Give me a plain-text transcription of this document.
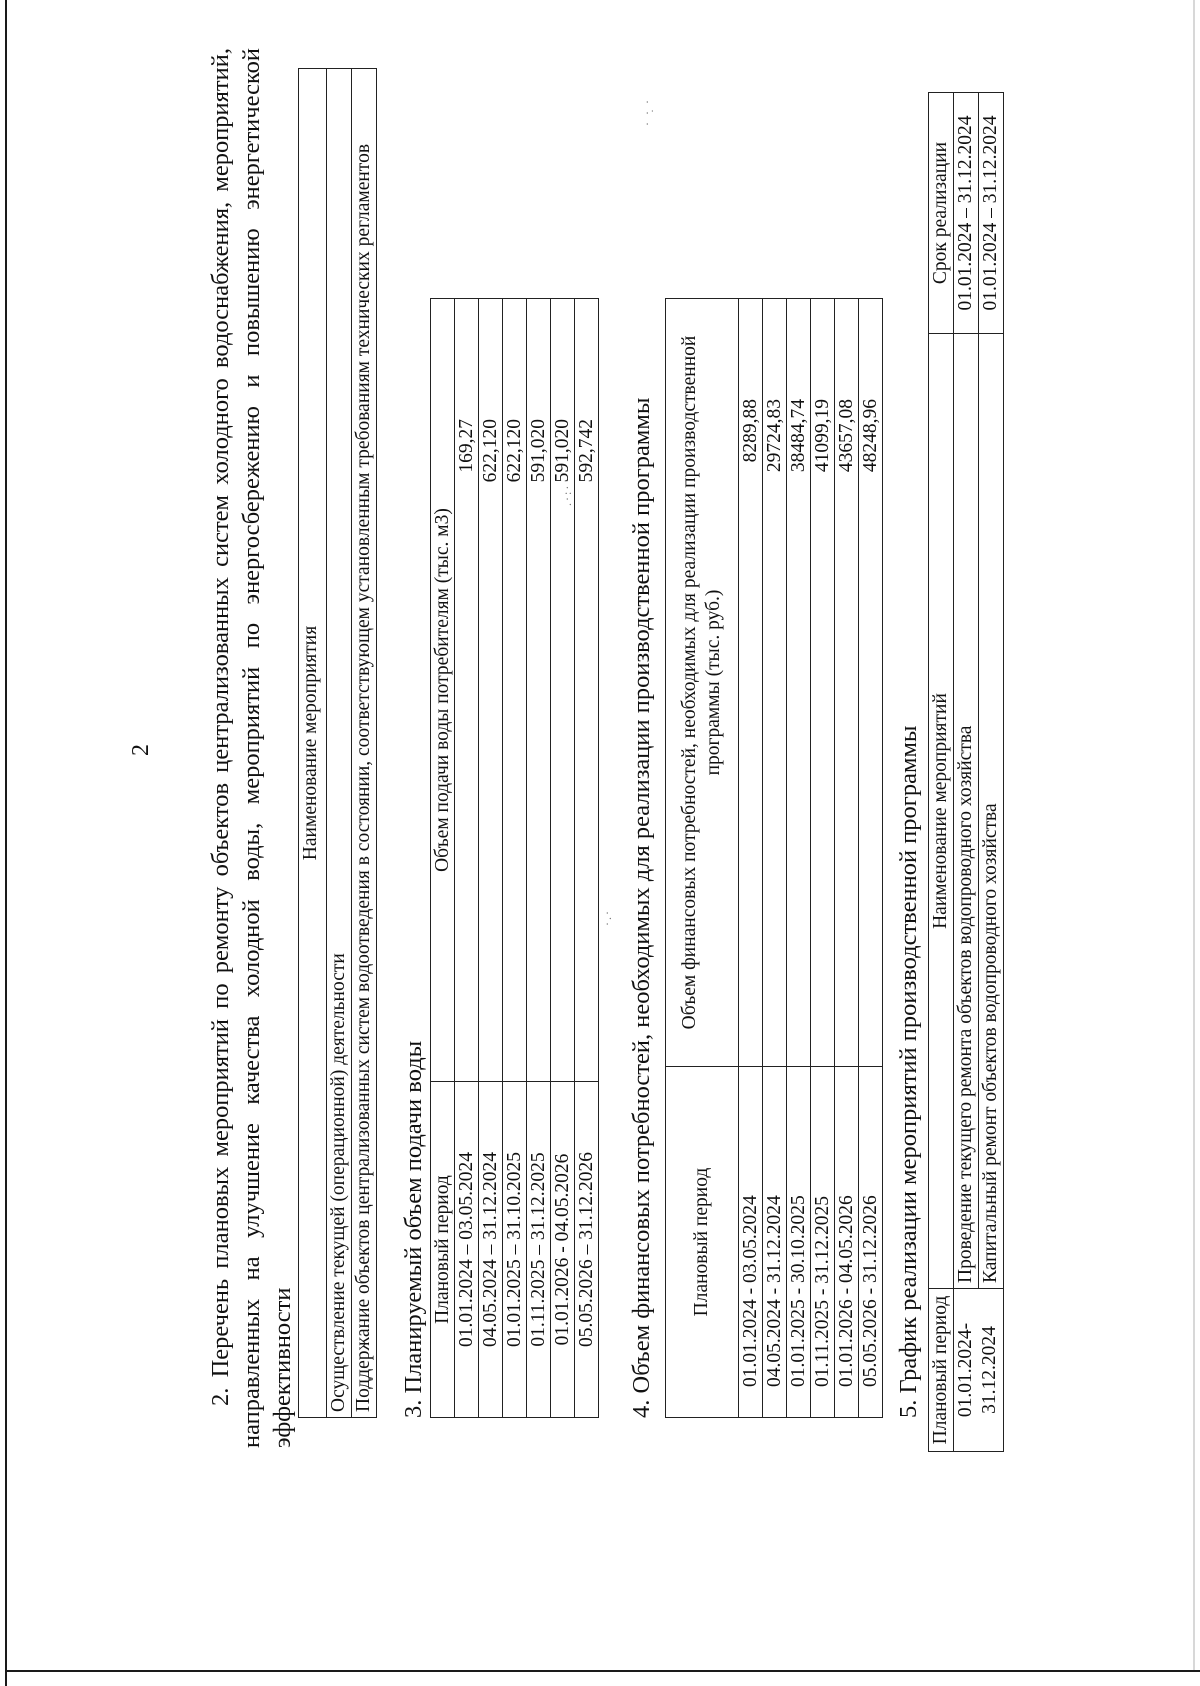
2 2. Перечень плановых мероприятий по ремонту объектов централизованных систем холодного водоснабжения, мероприятий, направленных на улучшение качества холодной воды, мероприятий по энергосбережению и повышению энергетической эффективности
Наименование мероприятия
Осуществление текущей (операционной) деятельности
Поддержание объектов централизованных систем водоотведения в состоянии, соответствующем установленным требованиям технических регламентов 3. Планируемый объем подачи воды Плановый период	Объем подачи воды потребителям (тыс. м3)
01.01.2024 – 03.05.2024	169,27
04.05.2024 – 31.12.2024	622,120
01.01.2025 – 31.10.2025	622,120
01.11.2025 – 31.12.2025	591,020
01.01.2026 - 04.05.2026	591,020
05.05.2026 – 31.12.2026	592,742 4. Объем финансовых потребностей, необходимых для реализации производственной программы Плановый период	Объем финансовых потребностей, необходимых для реализации производственной программы (тыс. руб.)
01.01.2024 - 03.05.2024	8289,88
04.05.2024 - 31.12.2024	29724,83
01.01.2025 - 30.10.2025	38484,74
01.11.2025 - 31.12.2025	41099,19
01.01.2026 - 04.05.2026	43657,08
05.05.2026 - 31.12.2026	48248,96
5. График реализации мероприятий производственной программы Плановый период	Наименование мероприятий	Срок реализации

01.01.2024- 31.12.2024	Проведение текущего ремонта объектов водопроводного хозяйства	01.01.2024 – 31.12.2024
	Капитальный ремонт объектов водопроводного хозяйства	01.01.2024 – 31.12.2024
· ·̣ ·
.·:·
·.·
